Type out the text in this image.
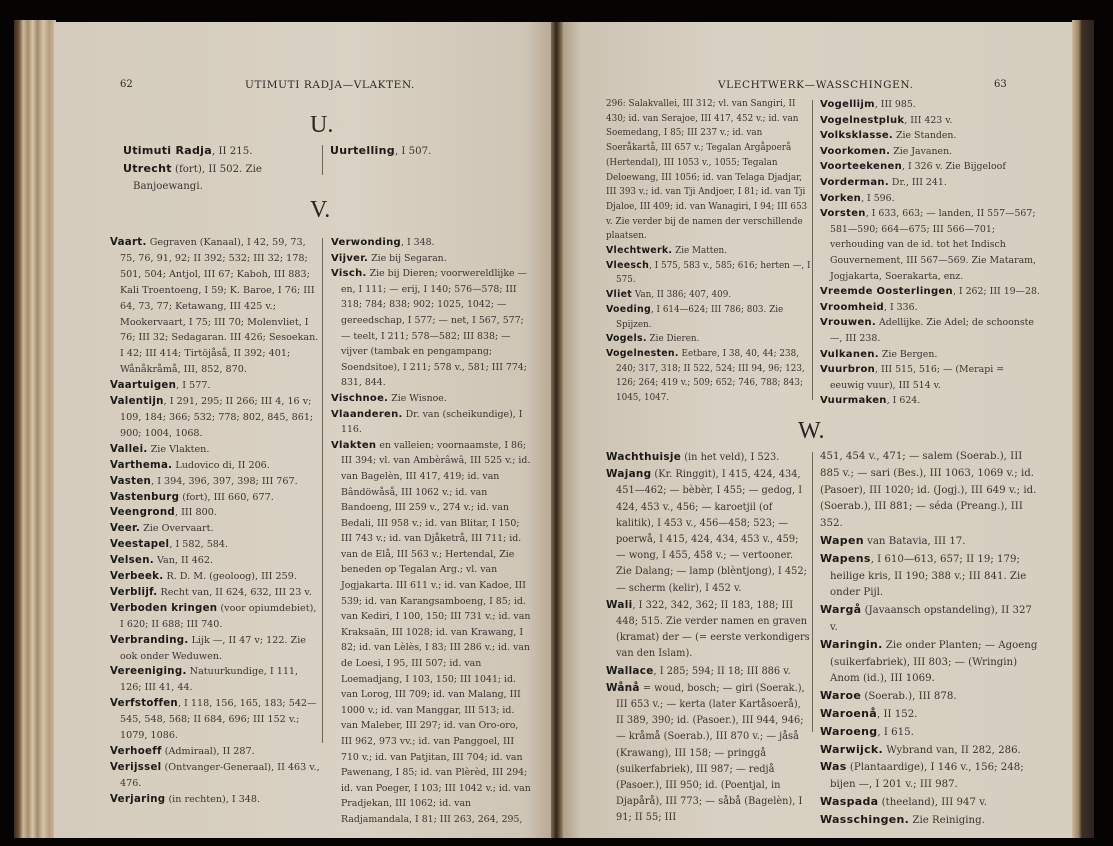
62	UTIMUTI RADJA—VLAKTEN.
U.

Utimuti Radja, II 215.

Utrecht (fort), II 502. Zie Banjoewangi.

Uurtelling, I 507.

V.

Vaart. Gegraven (Kanaal), I 42, 59, 73, 75, 76, 91, 92; II 392; 532; III 32; 178; 501, 504; Antjol, III 67; Kaboh, III 883; Kali Troentoeng, I 59; K. Baroe, I 76; III 64, 73, 77; Ketawang, III 425 v.; Mookervaart, I 75; III 70; Molenvliet, I 76; III 32; Sedagaran. III 426; Sesoekan. I 42; III 414; Tirtöjåså, II 392; 401; Wånåkråmå, III, 852, 870.

Vaartuigen, I 577.

Valentijn, I 291, 295; II 266; III 4, 16 v; 109, 184; 366; 532; 778; 802, 845, 861; 900; 1004, 1068.

Vallei. Zie Vlakten.

Varthema. Ludovico di, II 206.

Vasten, I 394, 396, 397, 398; III 767.

Vastenburg (fort), III 660, 677.

Veengrond, III 800.

Veer. Zie Overvaart.

Veestapel, I 582, 584.

Velsen. Van, II 462.

Verbeek. R. D. M. (geoloog), III 259.

Verblijf. Recht van, II 624, 632, III 23 v.

Verboden kringen (voor opiumdebiet), I 620; II 688; III 740.

Verbranding. Lijk —, II 47 v; 122. Zie ook onder Weduwen.

Vereeniging. Natuurkundige, I 111, 126; III 41, 44.

Verfstoffen, I 118, 156, 165, 183; 542—545, 548, 568; II 684, 696; III 152 v.; 1079, 1086.

Verhoeff (Admiraal), II 287.

Verijssel (Ontvanger-Generaal), II 463 v., 476.

Verjaring (in rechten), I 348.

Verwonding, I 348.

Vijver. Zie bij Segaran.

Visch. Zie bij Dieren; voorwereldlijke — en, I 111; — erij, I 140; 576—578; III 318; 784; 838; 902; 1025, 1042; — gereedschap, I 577; — net, I 567, 577; — teelt, I 211; 578—582; III 838; — vijver (tambak en pengampang; Soendsitoe), I 211; 578 v., 581; III 774; 831, 844.

Vischnoe. Zie Wisnoe.

Vlaanderen. Dr. van (scheikundige), I 116.

Vlakten en valleien; voornaamste, I 86; III 394; vl. van Ambèrâwâ, III 525 v.; id. van Bagelèn, III 417, 419; id. van Bândöwåså, III 1062 v.; id. van Bandoeng, III 259 v., 274 v.; id. van Bedali, III 958 v.; id. van Blitar, I 150; III 743 v.; id. van Djåketrå, III 711; id. van de Elå, III 563 v.; Hertendal, Zie beneden op Tegalan Arg.; vl. van Jogjakarta. III 611 v.; id. van Kadoe, III 539; id. van Karangsamboeng, I 85; id. van Kediri, I 100, 150; III 731 v.; id. van Kraksaän, III 1028; id. van Krawang, I 82; id. van Lèlès, I 83; III 286 v.; id. van de Loesi, I 95, III 507; id. van Loemadjang, I 103, 150; III 1041; id. van Lorog, III 709; id. van Malang, III 1000 v.; id. van Manggar, III 513; id. van Maleber, III 297; id. van Oro-oro, III 962, 973 vv.; id. van Panggoel, III 710 v.; id. van Patjitan, III 704; id. van Pawenang, I 85; id. van Plèrèd, III 294; id. van Poeger, I 103; III 1042 v.; id. van Pradjekan, III 1062; id. van Radjamandala, I 81; III 263, 264, 295,

VLECHTWERK—WASSCHINGEN.	63

296: Salakvallei, III 312; vl. van Sangiri, II 430; id. van Serajoe, III 417, 452 v.; id. van Soemedang, I 85; III 237 v.; id. van Soeråkartå, III 657 v.; Tegalan Argåpoerå (Hertendal), III 1053 v., 1055; Tegalan Deloewang, III 1056; id. van Telaga Djadjar, III 393 v.; id. van Tji Andjoer, I 81; id. van Tji Djaloe, III 409; id. van Wanagiri, I 94; III 653 v. Zie verder bij de namen der verschillende plaatsen.

Vlechtwerk. Zie Matten.

Vleesch, I 575, 583 v., 585; 616; herten —, I 575.

Vliet Van, II 386; 407, 409.

Voeding, I 614—624; III 786; 803. Zie Spijzen.

Vogels. Zie Dieren.

Vogelnesten. Eetbare, I 38, 40, 44; 238, 240; 317, 318; II 522, 524; III 94, 96; 123, 126; 264; 419 v.; 509; 652; 746, 788; 843; 1045, 1047.

Vogellijm, III 985.

Vogelnestpluk, III 423 v.

Volksklasse. Zie Standen.

Voorkomen. Zie Javanen.

Voorteekenen, I 326 v. Zie Bijgeloof

Vorderman. Dr., III 241.

Vorken, I 596.

Vorsten, I 633, 663; — landen, II 557—567; 581—590; 664—675; III 566—701; verhouding van de id. tot het Indisch Gouvernement, III 567—569. Zie Mataram, Jogjakarta, Soerakarta, enz.

Vreemde Oosterlingen, I 262; III 19—28.

Vroomheid, I 336.

Vrouwen. Adellijke. Zie Adel; de schoonste —, III 238.

Vulkanen. Zie Bergen.

Vuurbron, III 515, 516; — (Merapi = eeuwig vuur), III 514 v.

Vuurmaken, I 624.

W.

Wachthuisje (in het veld), I 523.

Wajang (Kr. Ringgit), I 415, 424, 434, 451—462; — bèbèr, I 455; — gedog, I 424, 453 v., 456; — karoetjil (of kalitik), I 453 v., 456—458; 523; — poerwå, I 415, 424, 434, 453 v., 459; — wong, I 455, 458 v.; — vertooner. Zie Dalang; — lamp (blèntjong), I 452; — scherm (kelir), I 452 v.

Wali, I 322, 342, 362; II 183, 188; III 448; 515. Zie verder namen en graven (kramat) der — (= eerste verkondigers van den Islam).

Wallace, I 285; 594; II 18; III 886 v.

Wånå = woud, bosch; — giri (Soerak.), III 653 v.; — kerta (later Kartåsoerå), II 389, 390; id. (Pasoer.), III 944, 946; — kråmå (Soerab.), III 870 v.; — jåså (Krawang), III 158; — pringgå (suikerfabriek), III 987; — redjå (Pasoer.), III 950; id. (Poentjal, in Djapårå), III 773; — såbå (Bagelèn), I 91; II 55; III

451, 454 v., 471; — salem (Soerab.), III 885 v.; — sari (Bes.), III 1063, 1069 v.; id. (Pasoer), III 1020; id. (Jogj.), III 649 v.; id. (Soerab.), III 881; — séda (Preang.), III 352.

Wapen van Batavia, III 17.

Wapens, I 610—613, 657; II 19; 179; heilige kris, II 190; 388 v.; III 841. Zie onder Pijl.

Wargå (Javaansch opstandeling), II 327 v.

Waringin. Zie onder Planten; — Agoeng (suikerfabriek), III 803; — (Wringin) Anom (id.), III 1069.

Waroe (Soerab.), III 878.

Waroenå, II 152.

Waroeng, I 615.

Warwijck. Wybrand van, II 282, 286.

Was (Plantaardige), I 146 v., 156; 248; bijen —, I 201 v.; III 987.

Waspada (theeland), III 947 v.

Wasschingen. Zie Reiniging.
